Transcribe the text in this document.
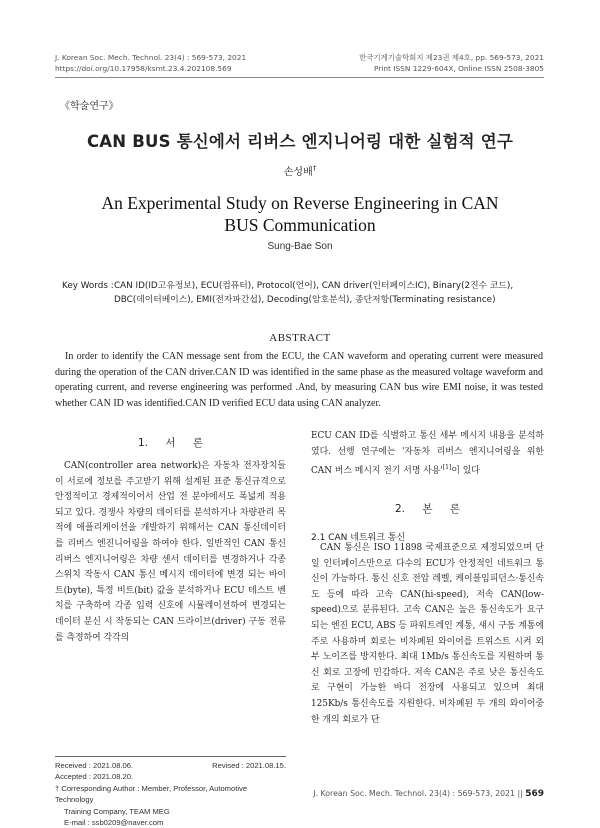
J. Korean Soc. Mech. Technol. 23(4) : 569-573, 2021
https://doi.org/10.17958/ksmt.23.4.202108.569
한국기계기술학회지 제23권 제4호, pp. 569-573, 2021
Print ISSN 1229-604X, Online ISSN 2508-3805
《학술연구》
CAN BUS 통신에서 리버스 엔지니어링 대한 실험적 연구
손성배†
An Experimental Study on Reverse Engineering in CAN
BUS Communication
Sung-Bae Son
Key Words : CAN ID(ID고유정보), ECU(컴퓨터), Protocol(언어), CAN driver(인터페이스IC), Binary(2진수 코드), DBC(데이터베이스), EMI(전자파간섭), Decoding(암호분석), 종단저항(Terminating resistance)
ABSTRACT
In order to identify the CAN message sent from the ECU, the CAN waveform and operating current were measured during the operation of the CAN driver.CAN ID was identified in the same phase as the measured voltage waveform and operating current, and reverse engineering was performed .And, by measuring CAN bus wire EMI noise, it was tested whether CAN ID was identified.CAN ID verified ECU data using CAN analyzer.
1. 서 론

CAN(controller area network)은 자동차 전자장치들이 서로에 정보를 주고받기 위해 설계된 표준 통신규격으로 안정적이고 경제적이어서 산업 전 분야에서도 폭넓게 적용되고 있다. 경쟁사 차량의 데이터를 분석하거나 차량관리 목적에 애플리케이션을 개발하기 위해서는 CAN 통신데이터를 리버스 엔진니어링을 하여야 한다. 일반적인 CAN 통신 리버스 엔지니어링은 차량 센서 데이터를 변경하거나 각종 스위치 작동시 CAN 통신 메시지 데이터에 변경 되는 바이트(byte), 특정 비트(bit) 값을 분석하거나 ECU 테스트 벤치를 구축하여 각종 입력 신호에 시뮬레이션하여 변경되는 데이터 분신 시 작동되는 CAN 드라이브(driver) 구동 전류를 측정하여 각각의

ECU CAN ID를 식별하고 통신 세부 메시지 내용을 분석하였다. 선행 연구에는 '자동차 리버스 엔지니어링을 위한 CAN 버스 메시지 전기 서명 사용'[1]이 있다

2. 본 론
2.1 CAN 네트워크 통신

CAN 통신은 ISO 11898 국제표준으로 제정되었으며 단일 인터페이스만으로 다수의 ECU가 안정적인 네트워크 통신이 가능하다. 통신 신호 전압 레벨, 케이블임피던스·통신속도 등에 따라 고속 CAN(hi-speed), 저속 CAN(low-speed)으로 분류된다. 고속 CAN은 높은 통신속도가 요구되는 엔진 ECU, ABS 등 파워트레인 계통, 섀시 구동 계통에 주로 사용하며 회로는 비차폐된 와이어를 트위스트 시켜 외부 노이즈를 방지한다. 최대 1Mb/s 통신속도를 지원하며 통신 회로 고장에 민감하다. 저속 CAN은 주로 낮은 통신속도로 구현이 가능한 바디 전장에 사용되고 있으며 최대 125Kb/s 통신속도를 지원한다. 비차폐된 두 개의 와이어중 한 개의 회로가 단

Received : 2021.08.06.	Revised : 2021.08.15.
Accepted : 2021.08.20.
† Corresponding Author : Member, Professor, Automotive Technology
Training Company, TEAM MEG
E-mail : ssb0209@naver.com
J. Korean Soc. Mech. Technol. 23(4) : 569-573, 2021 || 569
